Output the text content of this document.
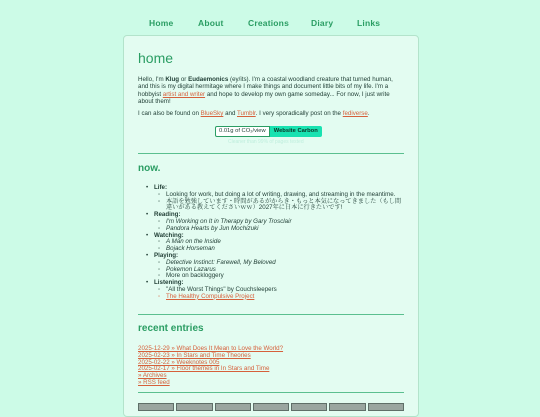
Home	About	Creations	Diary	Links
home

Hello, I'm Klug or Eudaemonics (ey/its). I'm a coastal woodland creature that turned human, and this is my digital hermitage where I make things and document little bits of my life. I'm a hobbyist artist and writer and hope to develop my own game someday... For now, I just write about them!

I can also be found on BlueSky and Tumblr. I very sporadically post on the fediverse.

0.01g of CO₂/view	Website Carbon
Cleaner than 99% of pages tested
now.
• Life:
◦ Looking for work, but doing a lot of writing, drawing, and streaming in the meantime.
◦ 本語を勉強しています・時間があるがからき・もっと本気になってきました（もし間違いがある教えてくださいｗｗ）2027年に日本に行きたいです!
• Reading:
◦ I'm Working on It in Therapy by Gary Trosclair
◦ Pandora Hearts by Jun Mochizuki
• Watching:
◦ A Man on the Inside
◦ Bojack Horseman
• Playing:
◦ Detective Instinct: Farewell, My Beloved
◦ Pokemon Lazarus
◦ More on backloggery
• Listening:
◦ "All the Worst Things" by Couchsleepers
◦ The Healthy Compulsive Project
recent entries
2025-12-29 » What Does It Mean to Love the World?
2025-02-23 » In Stars and Time Theories
2025-02-22 » Weeknotes 005
2025-02-17 » Floor themes in In Stars and Time
» Archives
» RSS feed
